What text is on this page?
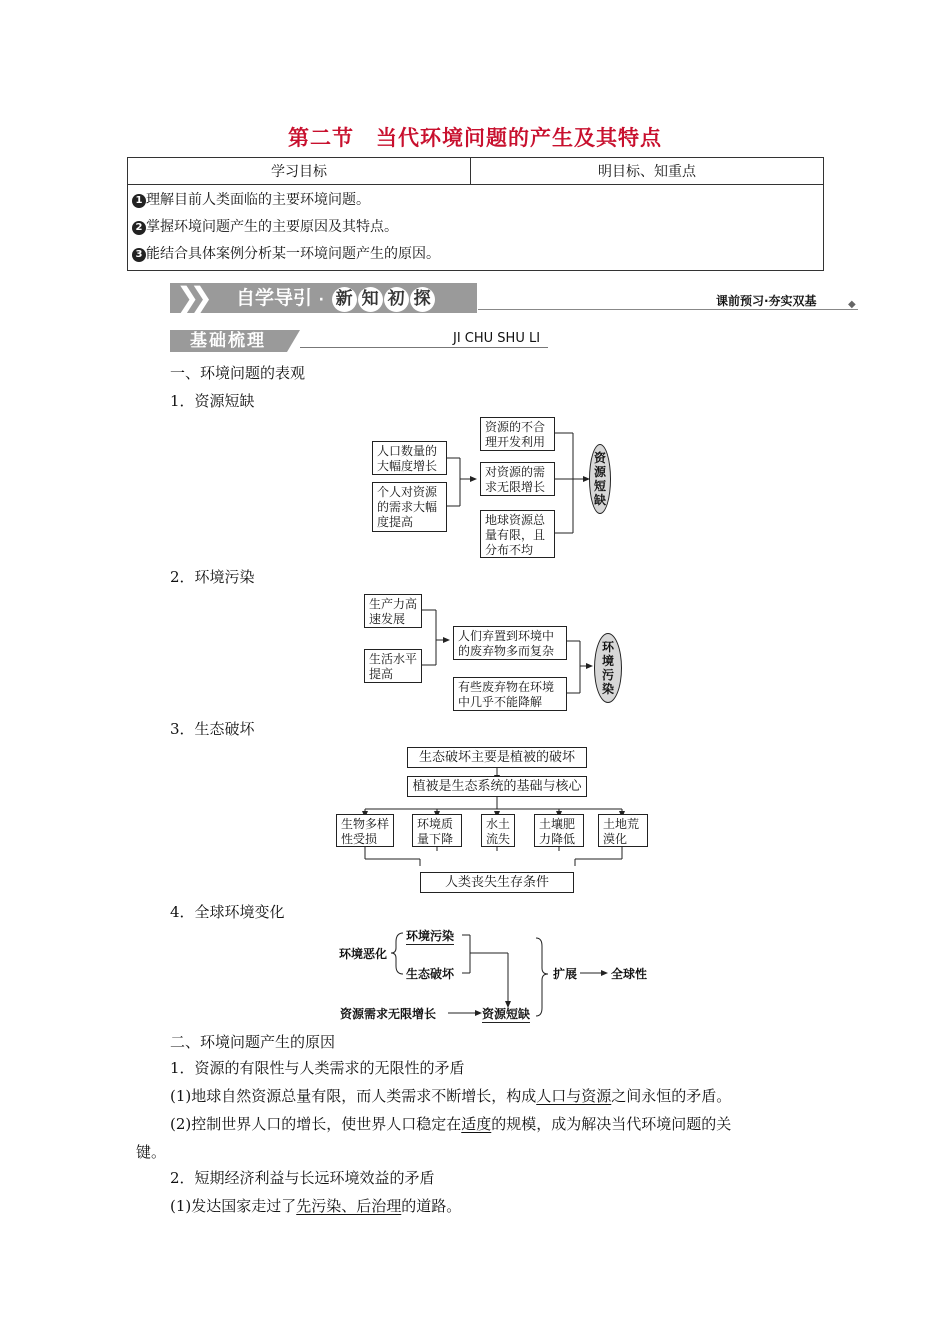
第二节　当代环境问题的产生及其特点
学习目标	明目标、知重点

1 理解目前人类面临的主要环境问题。
2 掌握环境问题产生的主要原因及其特点。
3 能结合具体案例分析某一环境问题产生的原因。
❯❯ 自学导引 · 新 知 初 探	课前预习·夯实双基	◆
基础梳理	JI CHU SHU LI
一、环境问题的表观
1．资源短缺
人口数量的大幅度增长
个人对资源的需求大幅度提高
资源的不合理开发利用
对资源的需求无限增长
地球资源总量有限，且分布不均
资源短缺
2．环境污染
生产力高速发展
生活水平提高
人们弃置到环境中的废弃物多而复杂
有些废弃物在环境中几乎不能降解
环境污染
3．生态破坏
生态破坏主要是植被的破坏
植被是生态系统的基础与核心
生物多样性受损
环境质量下降
水土流失
土壤肥力降低
土地荒漠化
人类丧失生存条件
4．全球环境变化
环境恶化
环境污染
生态破坏
资源需求无限增长	资源短缺
扩展	全球性
二、环境问题产生的原因
1．资源的有限性与人类需求的无限性的矛盾
(1)地球自然资源总量有限，而人类需求不断增长，构成人口与资源之间永恒的矛盾。
(2)控制世界人口的增长，使世界人口稳定在适度的规模，成为解决当代环境问题的关
键。
2．短期经济利益与长远环境效益的矛盾
(1)发达国家走过了先污染、后治理的道路。
